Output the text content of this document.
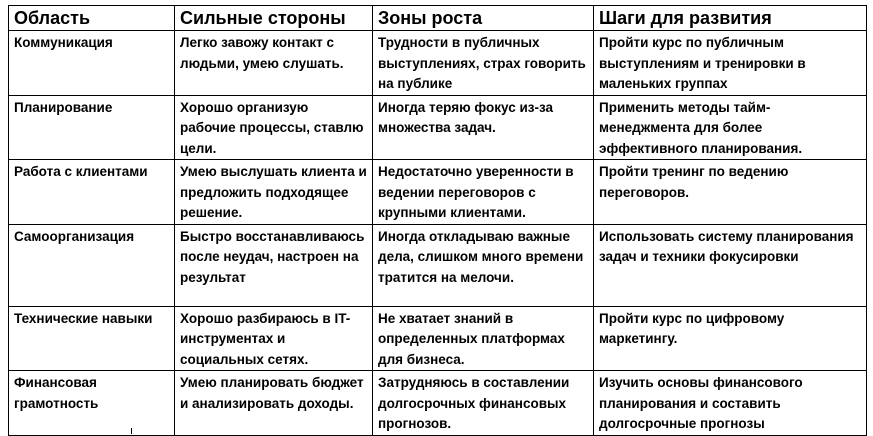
Область	Сильные стороны	Зоны роста	Шаги для развития
Коммуникация	Легко завожу контакт с людьми, умею слушать.	Трудности в публичных выступлениях, страх говорить на публике	Пройти курс по публичным выступлениям и тренировки в маленьких группах
Планирование	Хорошо организую рабочие процессы, ставлю цели.	Иногда теряю фокус из-за множества задач.	Применить методы тайм-менеджмента для более эффективного планирования.
Работа с клиентами	Умею выслушать клиента и предложить подходящее решение.	Недостаточно уверенности в ведении переговоров с крупными клиентами.	Пройти тренинг по ведению переговоров.
Самоорганизация	Быстро восстанавливаюсь после неудач, настроен на результат	Иногда откладываю важные дела, слишком много времени тратится на мелочи.	Использовать систему планирования задач и техники фокусировки
Технические навыки	Хорошо разбираюсь в IT-инструментах и социальных сетях.	Не хватает знаний в определенных платформах для бизнеса.	Пройти курс по цифровому маркетингу.
Финансовая грамотность	Умею планировать бюджет и анализировать доходы.	Затрудняюсь в составлении долгосрочных финансовых прогнозов.	Изучить основы финансового планирования и составить долгосрочные прогнозы
